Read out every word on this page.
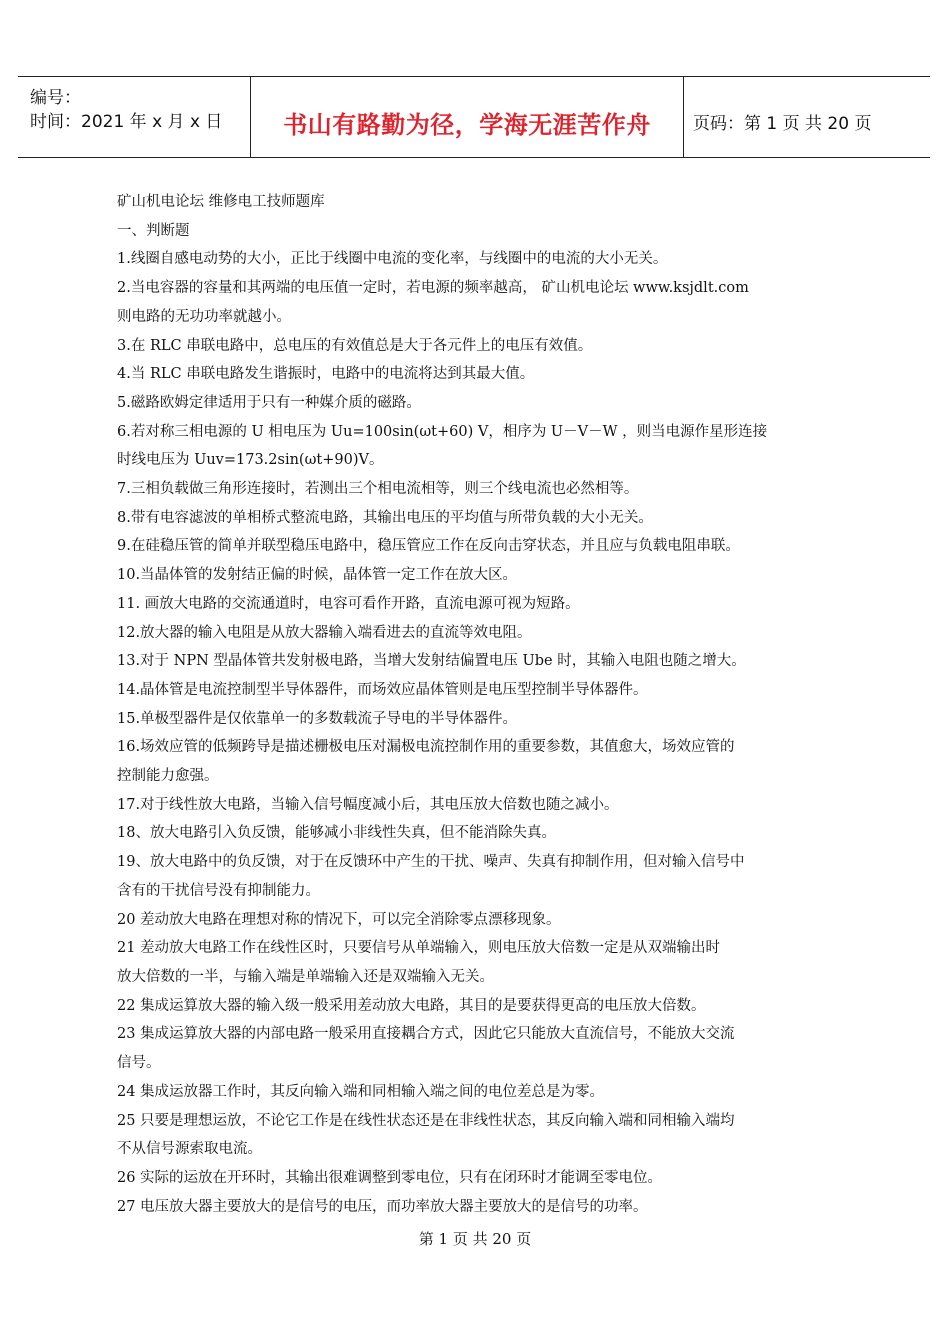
编号：
时间：2021 年 x 月 x 日	书山有路勤为径，学海无涯苦作舟	页码：第 1 页 共 20 页

矿山机电论坛 维修电工技师题库

一、判断题

1.线圈自感电动势的大小，正比于线圈中电流的变化率，与线圈中的电流的大小无关。

2.当电容器的容量和其两端的电压值一定时，若电源的频率越高， 矿山机电论坛 www.ksjdlt.com

则电路的无功功率就越小。

3.在 RLC 串联电路中，总电压的有效值总是大于各元件上的电压有效值。

4.当 RLC 串联电路发生谐振时，电路中的电流将达到其最大值。

5.磁路欧姆定律适用于只有一种媒介质的磁路。

6.若对称三相电源的 U 相电压为 Uu=100sin(ωt+60) V，相序为 U－V－W ，则当电源作星形连接

时线电压为 Uuv=173.2sin(ωt+90)V。

7.三相负载做三角形连接时，若测出三个相电流相等，则三个线电流也必然相等。

8.带有电容滤波的单相桥式整流电路，其输出电压的平均值与所带负载的大小无关。

9.在硅稳压管的简单并联型稳压电路中，稳压管应工作在反向击穿状态，并且应与负载电阻串联。

10.当晶体管的发射结正偏的时候，晶体管一定工作在放大区。

11. 画放大电路的交流通道时，电容可看作开路，直流电源可视为短路。

12.放大器的输入电阻是从放大器输入端看进去的直流等效电阻。

13.对于 NPN 型晶体管共发射极电路，当增大发射结偏置电压 Ube 时，其输入电阻也随之增大。

14.晶体管是电流控制型半导体器件，而场效应晶体管则是电压型控制半导体器件。

15.单极型器件是仅依靠单一的多数载流子导电的半导体器件。

16.场效应管的低频跨导是描述栅极电压对漏极电流控制作用的重要参数，其值愈大，场效应管的

控制能力愈强。

17.对于线性放大电路，当输入信号幅度减小后，其电压放大倍数也随之减小。

18、放大电路引入负反馈，能够减小非线性失真，但不能消除失真。

19、放大电路中的负反馈，对于在反馈环中产生的干扰、噪声、失真有抑制作用，但对输入信号中

含有的干扰信号没有抑制能力。

20 差动放大电路在理想对称的情况下，可以完全消除零点漂移现象。

21 差动放大电路工作在线性区时，只要信号从单端输入，则电压放大倍数一定是从双端输出时

放大倍数的一半，与输入端是单端输入还是双端输入无关。

22 集成运算放大器的输入级一般采用差动放大电路，其目的是要获得更高的电压放大倍数。

23 集成运算放大器的内部电路一般采用直接耦合方式，因此它只能放大直流信号，不能放大交流

信号。

24 集成运放器工作时，其反向输入端和同相输入端之间的电位差总是为零。

25 只要是理想运放，不论它工作是在线性状态还是在非线性状态，其反向输入端和同相输入端均

不从信号源索取电流。

26 实际的运放在开环时，其输出很难调整到零电位，只有在闭环时才能调至零电位。

27 电压放大器主要放大的是信号的电压，而功率放大器主要放大的是信号的功率。

第 1 页 共 20 页
